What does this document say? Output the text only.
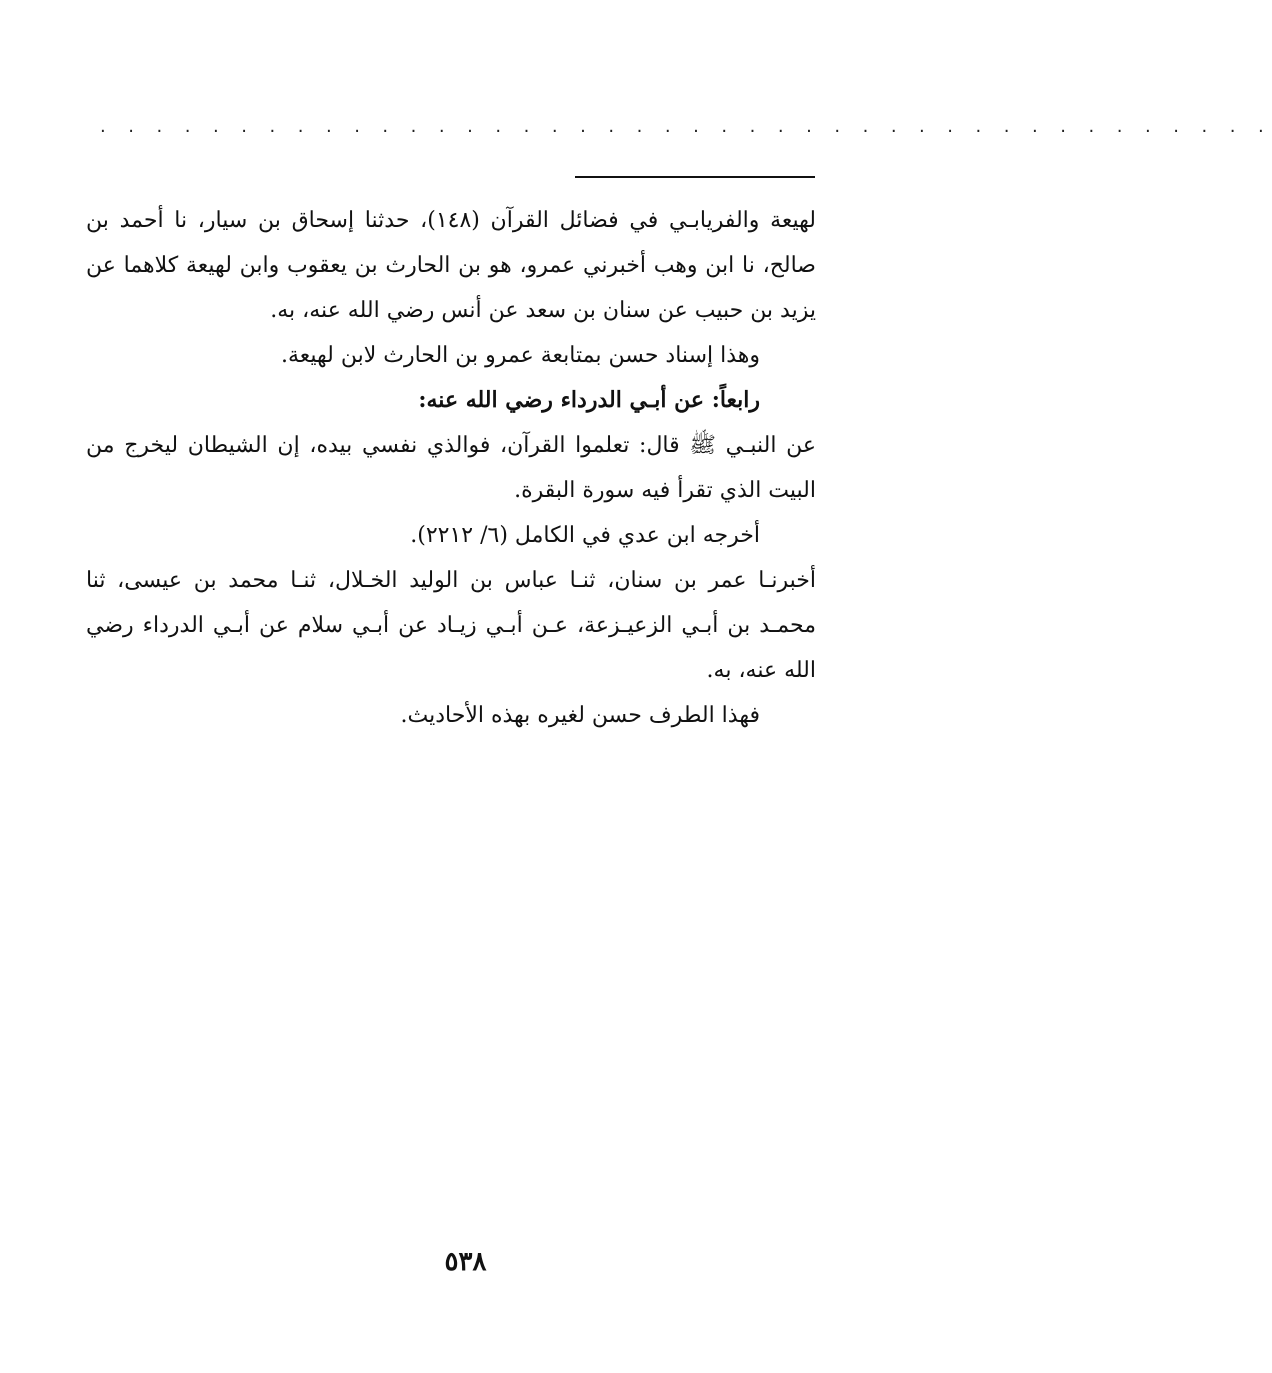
. . . . . . . . . . . . . . . . . . . . . . . . . . . . . . . . . . . . . . . . . .

لهيعة والفريابـي في فضائل القرآن (١٤٨)، حدثنا إسحاق بن سيار، نا أحمد بن صالح، نا ابن وهب أخبرني عمرو، هو بن الحارث بن يعقوب وابن لهيعة كلاهما عن يزيد بن حبيب عن سنان بن سعد عن أنس رضي الله عنه، به.

وهذا إسناد حسن بمتابعة عمرو بن الحارث لابن لهيعة.

رابعاً: عن أبـي الدرداء رضي الله عنه:

عن النبـي ﷺ قال: تعلموا القرآن، فوالذي نفسي بيده، إن الشيطان ليخرج من البيت الذي تقرأ فيه سورة البقرة.

أخرجه ابن عدي في الكامل (٦/ ٢٢١٢).

أخبرنـا عمر بن سنان، ثنـا عباس بن الوليد الخـلال، ثنـا محمد بن عيسى، ثنا محمـد بن أبـي الزعيـزعة، عـن أبـي زيـاد عن أبـي سلام عن أبـي الدرداء رضي الله عنه، به.

فهذا الطرف حسن لغيره بهذه الأحاديث.

٥٣٨
